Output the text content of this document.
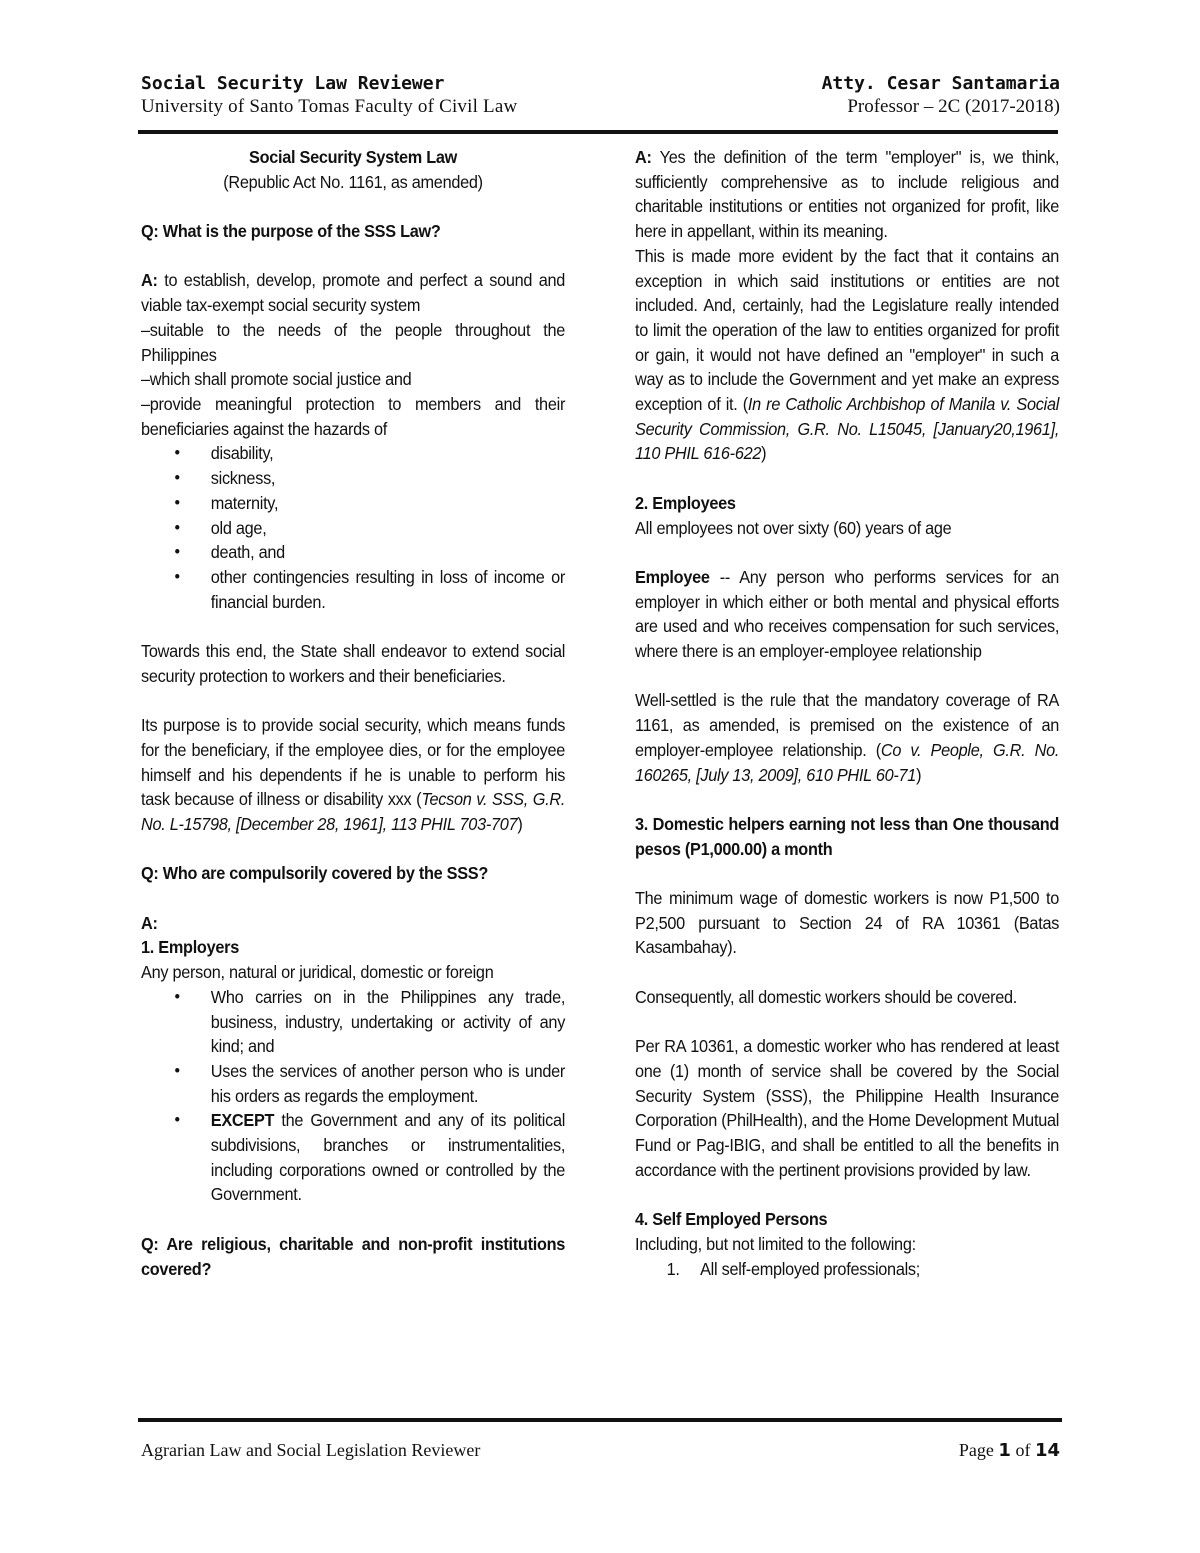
Social Security Law Reviewer
University of Santo Tomas Faculty of Civil Law
Atty. Cesar Santamaria
Professor – 2C (2017-2018)

Social Security System Law

(Republic Act No. 1161, as amended)

Q: What is the purpose of the SSS Law?

A: to establish, develop, promote and perfect a sound and viable tax-exempt social security system

–suitable to the needs of the people throughout the Philippines

–which shall promote social justice and

–provide meaningful protection to members and their beneficiaries against the hazards of

• disability,
• sickness,
• maternity,
• old age,
• death, and
• other contingencies resulting in loss of income or financial burden.

Towards this end, the State shall endeavor to extend social security protection to workers and their beneficiaries.

Its purpose is to provide social security, which means funds for the beneficiary, if the employee dies, or for the employee himself and his dependents if he is unable to perform his task because of illness or disability xxx (Tecson v. SSS, G.R. No. L-15798, [December 28, 1961], 113 PHIL 703-707)

Q: Who are compulsorily covered by the SSS?

A:

1. Employers

Any person, natural or juridical, domestic or foreign

• Who carries on in the Philippines any trade, business, industry, undertaking or activity of any kind; and
• Uses the services of another person who is under his orders as regards the employment.
• EXCEPT the Government and any of its political subdivisions, branches or instrumentalities, including corporations owned or controlled by the Government.

Q: Are religious, charitable and non-profit institutions covered?

A: Yes the definition of the term "employer" is, we think, sufficiently comprehensive as to include religious and charitable institutions or entities not organized for profit, like here in appellant, within its meaning.

This is made more evident by the fact that it contains an exception in which said institutions or entities are not included. And, certainly, had the Legislature really intended to limit the operation of the law to entities organized for profit or gain, it would not have defined an "employer" in such a way as to include the Government and yet make an express exception of it. (In re Catholic Archbishop of Manila v. Social Security Commission, G.R. No. L15045, [January20,1961], 110 PHIL 616-622)

2. Employees

All employees not over sixty (60) years of age

Employee -- Any person who performs services for an employer in which either or both mental and physical efforts are used and who receives compensation for such services, where there is an employer-employee relationship

Well-settled is the rule that the mandatory coverage of RA 1161, as amended, is premised on the existence of an employer-employee relationship. (Co v. People, G.R. No. 160265, [July 13, 2009], 610 PHIL 60-71)

3. Domestic helpers earning not less than One thousand pesos (P1,000.00) a month

The minimum wage of domestic workers is now P1,500 to P2,500 pursuant to Section 24 of RA 10361 (Batas Kasambahay).

Consequently, all domestic workers should be covered.

Per RA 10361, a domestic worker who has rendered at least one (1) month of service shall be covered by the Social Security System (SSS), the Philippine Health Insurance Corporation (PhilHealth), and the Home Development Mutual Fund or Pag-IBIG, and shall be entitled to all the benefits in accordance with the pertinent provisions provided by law.

4. Self Employed Persons

Including, but not limited to the following:

1. All self-employed professionals;
Agrarian Law and Social Legislation Reviewer	Page 1 of 14
